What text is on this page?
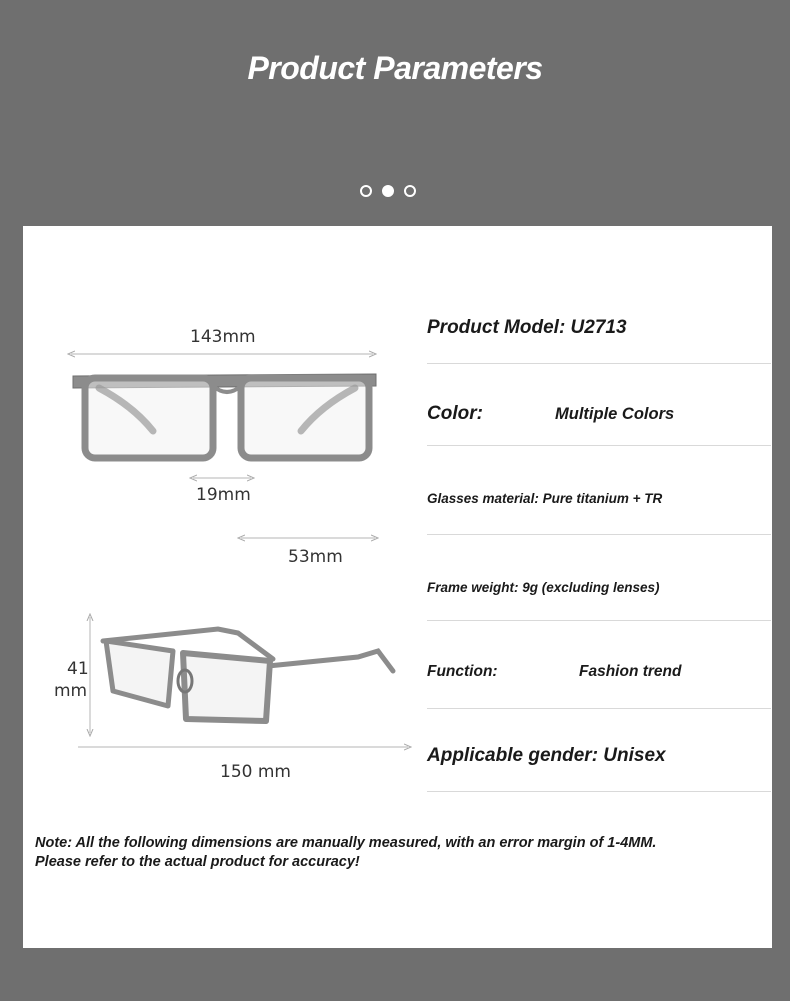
Product Parameters
143mm
19mm
53mm
41
mm
150 mm
Product Model: U2713
Color:	Multiple Colors
Glasses material: Pure titanium + TR
Frame weight: 9g (excluding lenses)
Function:	Fashion trend
Applicable gender: Unisex
Note: All the following dimensions are manually measured, with an error margin of 1-4MM.
Please refer to the actual product for accuracy!
